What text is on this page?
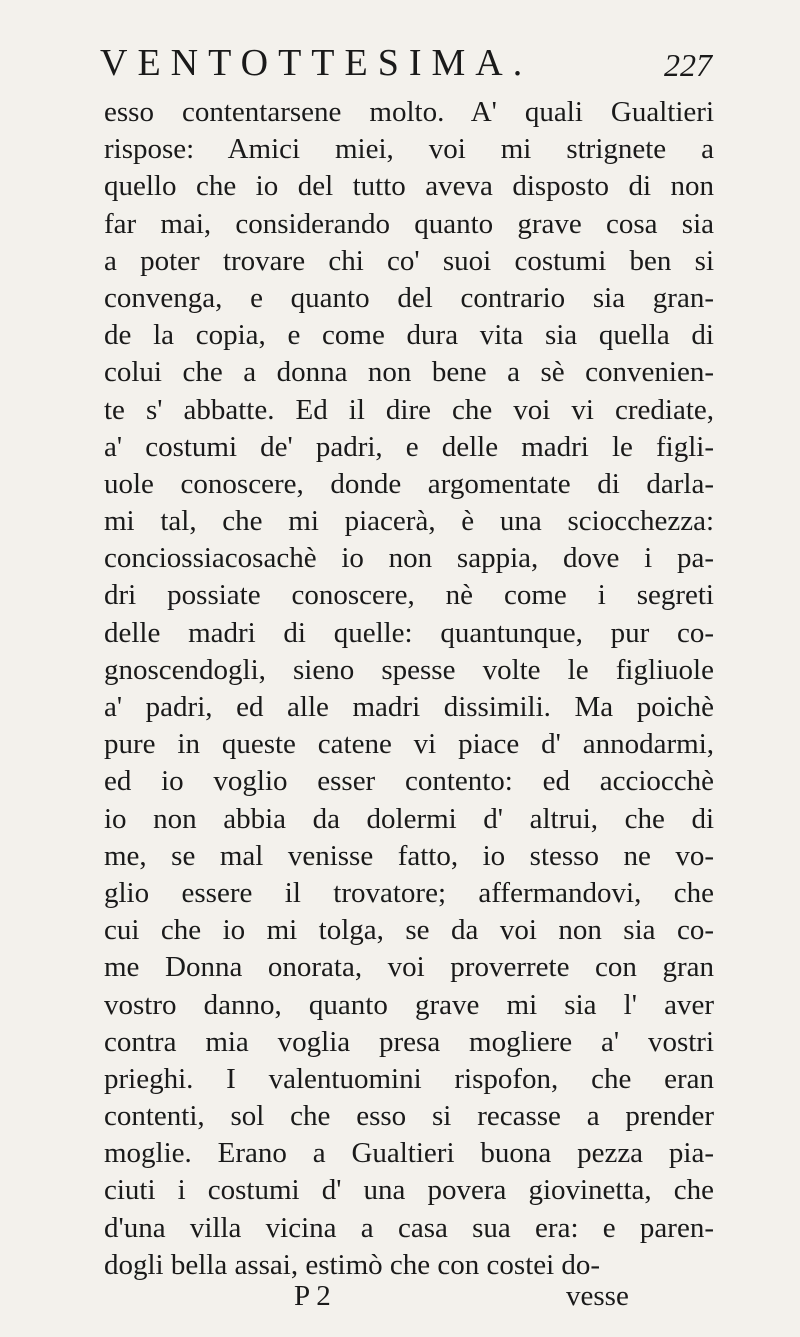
VENTOTTESIMA.	227
esso contentarsene molto. A' quali Gualtieri
rispose: Amici miei, voi mi strignete a
quello che io del tutto aveva disposto di non
far mai, considerando quanto grave cosa sia
a poter trovare chi co' suoi costumi ben si
convenga, e quanto del contrario sia gran-
de la copia, e come dura vita sia quella di
colui che a donna non bene a sè convenien-
te s' abbatte. Ed il dire che voi vi crediate,
a' costumi de' padri, e delle madri le figli-
uole conoscere, donde argomentate di darla-
mi tal, che mi piacerà, è una sciocchezza:
conciossiacosachè io non sappia, dove i pa-
dri possiate conoscere, nè come i segreti
delle madri di quelle: quantunque, pur co-
gnoscendogli, sieno spesse volte le figliuole
a' padri, ed alle madri dissimili. Ma poichè
pure in queste catene vi piace d' annodarmi,
ed io voglio esser contento: ed acciocchè
io non abbia da dolermi d' altrui, che di
me, se mal venisse fatto, io stesso ne vo-
glio essere il trovatore; affermandovi, che
cui che io mi tolga, se da voi non sia co-
me Donna onorata, voi proverrete con gran
vostro danno, quanto grave mi sia l' aver
contra mia voglia presa mogliere a' vostri
prieghi. I valentuomini rispofon, che eran
contenti, sol che esso si recasse a prender
moglie. Erano a Gualtieri buona pezza pia-
ciuti i costumi d' una povera giovinetta, che
d'una villa vicina a casa sua era: e paren-
dogli bella assai, estimò che con costei do-
P 2	vesse
